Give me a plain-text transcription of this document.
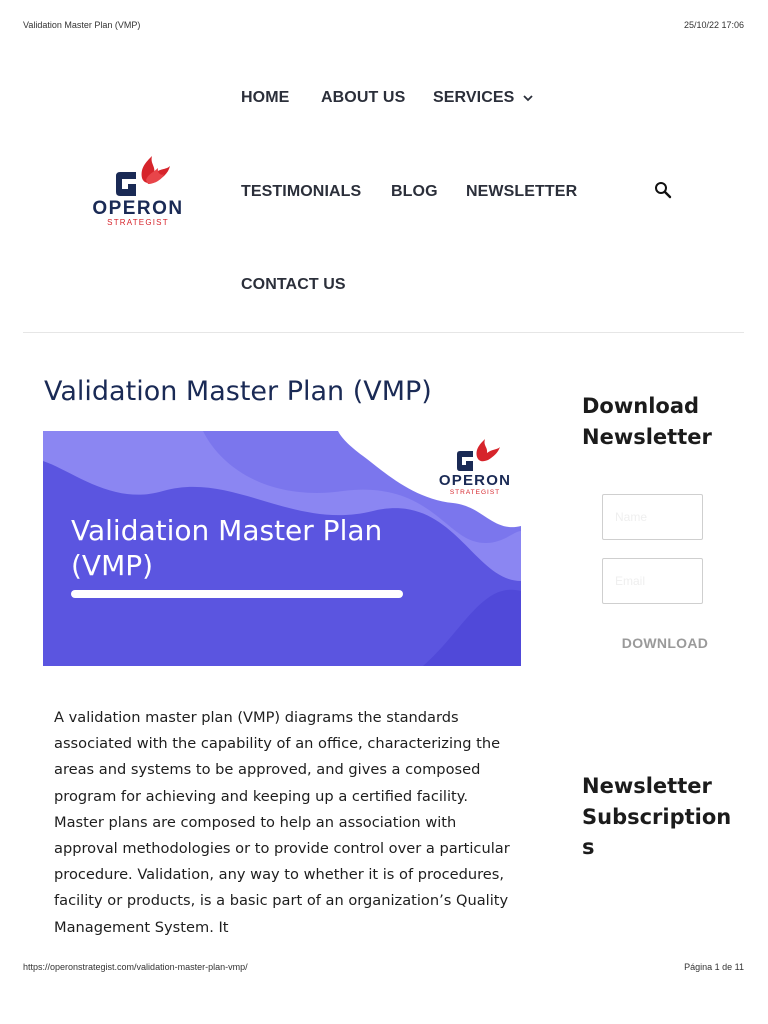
Validation Master Plan (VMP)	25/10/22 17:06
OPERON
STRATEGIST
HOME ABOUT US SERVICES
TESTIMONIALS BLOG NEWSLETTER
CONTACT US
Validation Master Plan (VMP)
OPERON
STRATEGIST
Validation Master Plan (VMP)

A validation master plan (VMP) diagrams the standards associated with the capability of an office, characterizing the areas and systems to be approved, and gives a composed program for achieving and keeping up a certified facility. Master plans are composed to help an association with approval methodologies or to provide control over a particular procedure. Validation, any way to whether it is of procedures, facility or products, is a basic part of an organization’s Quality Management System. It

Download Newsletter
Name
Email
DOWNLOAD
Newsletter Subscriptions
https://operonstrategist.com/validation-master-plan-vmp/	Página 1 de 11
